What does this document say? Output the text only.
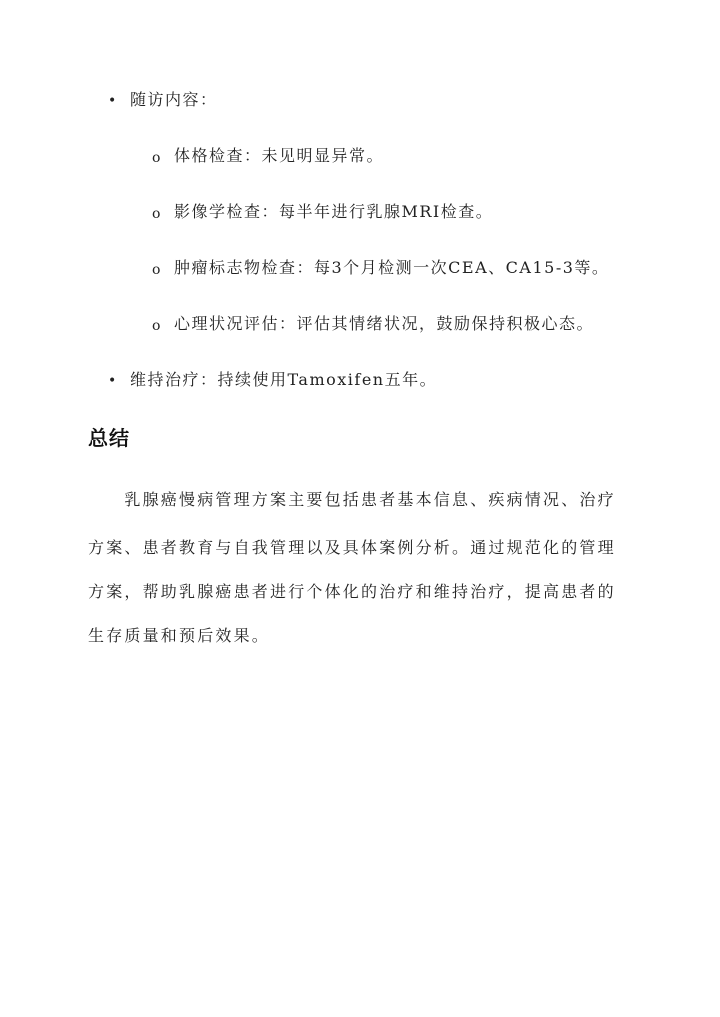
• 随访内容：
o 体格检查：未见明显异常。
o 影像学检查：每半年进行乳腺MRI检查。
o 肿瘤标志物检查：每3个月检测一次CEA、CA15-3等。
o 心理状况评估：评估其情绪状况，鼓励保持积极心态。
• 维持治疗：持续使用Tamoxifen五年。
总结
　　乳腺癌慢病管理方案主要包括患者基本信息、疾病情况、治疗
方案、患者教育与自我管理以及具体案例分析。通过规范化的管理
方案，帮助乳腺癌患者进行个体化的治疗和维持治疗，提高患者的
生存质量和预后效果。
